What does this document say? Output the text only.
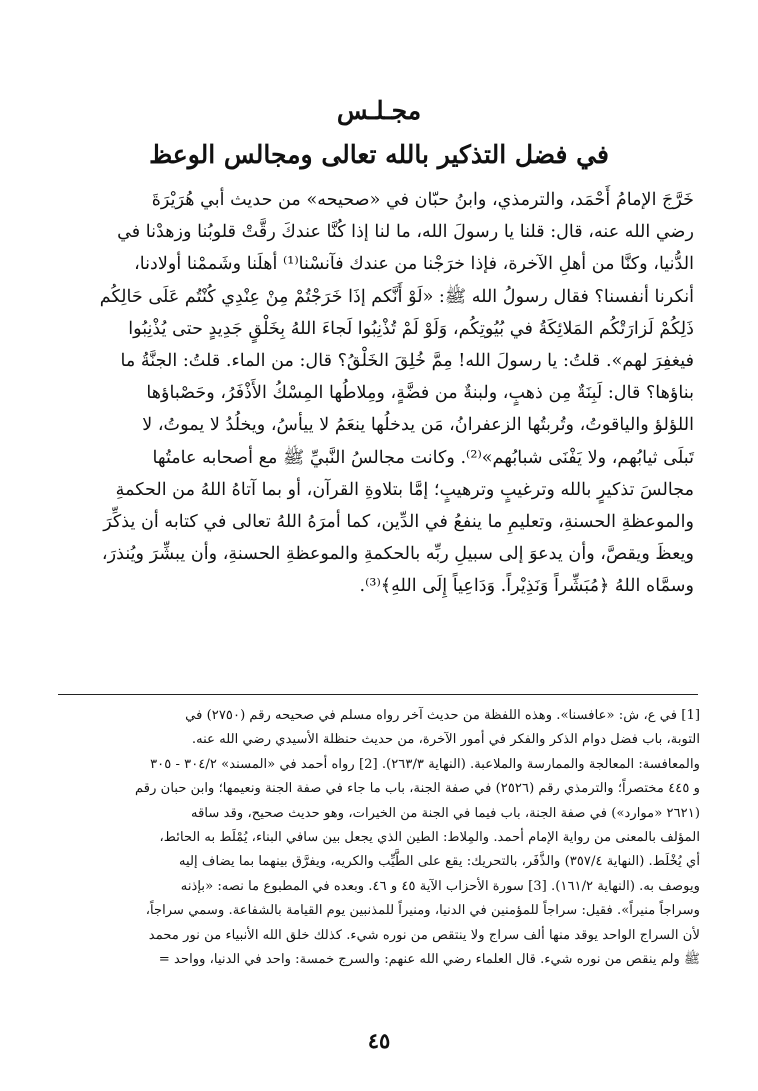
مجـلـس
في فضل التذكير بالله تعالى ومجالس الوعظ
خَرَّجَ الإمامُ أَحْمَد، والترمذي، وابنُ حبّان في «صحيحه» من حديث أبي هُرَيْرَةَ
رضي الله عنه، قال: قلنا يا رسولَ الله، ما لنا إذا كُنَّا عندكَ رقَّتْ قلوبُنا وزهدْنا في
الدُّنيا، وكنَّا من أهلِ الآخرة، فإذا خرَجْنا من عندك فآنسْنا⁽¹⁾ أهلَنا وشَممْنا أولادنا،
أنكرنا أنفسنا؟ فقال رسولُ الله ﷺ: «لَوْ أَنَّكم إذَا خَرَجْتُمْ مِنْ عِنْدِي كُنْتُم عَلَى حَالِكُم
ذَلِكُمْ لَزارَتْكُم المَلائِكَةُ في بُيُوتِكُم، وَلَوْ لَمْ تُذْنِبُوا لَجاءَ اللهُ بِخَلْقٍ جَدِيدٍ حتى يُذْنِبُوا
فيغفِرَ لهم». قلتُ: يا رسولَ الله! مِمَّ خُلِقَ الخَلْقُ؟ قال: من الماء. قلتُ: الجنَّةُ ما
بناؤها؟ قال: لَبِنَةٌ مِن ذهبٍ، ولبنةٌ من فضَّةٍ، ومِلاطُها المِسْكُ الأَذْفَرُ، وحَصْباؤها
اللؤلؤ والياقوتُ، وتُربتُها الزعفرانُ، مَن يدخلُها ينعَمُ لا ييأسُ، ويخلُدُ لا يموتُ، لا
تَبلَى ثيابُهم، ولا يَفْنَى شبابُهم»⁽²⁾. وكانت مجالسُ النَّبيِّ ﷺ مع أصحابه عامتُها
مجالسَ تذكيرٍ بالله وترغيبٍ وترهيبٍ؛ إمَّا بتلاوةِ القرآن، أو بما آتاهُ اللهُ من الحكمةِ
والموعظةِ الحسنةِ، وتعليمِ ما ينفعُ في الدِّين، كما أمرَهُ اللهُ تعالى في كتابه أن يذكِّرَ
ويعظَ ويقصَّ، وأن يدعوَ إلى سبيلِ ربِّه بالحكمةِ والموعظةِ الحسنةِ، وأن يبشِّرَ ويُنذرَ،
وسمَّاه اللهُ ﴿مُبَشِّراً وَنَذِيْراً. وَدَاعِياً إِلَى اللهِ﴾⁽³⁾.
[1] في ع، ش: «عافسنا». وهذه اللفظة من حديث آخر رواه مسلم في صحيحه رقم (٢٧٥٠) في
التوبة، باب فضل دوام الذكر والفكر في أمور الآخرة، من حديث حنظلة الأسيدي رضي الله عنه.
والمعافسة: المعالجة والممارسة والملاعبة. (النهاية ٢٦٣/٣). [2] رواه أحمد في «المسند» ٣٠٤/٢ - ٣٠٥
و ٤٤٥ مختصراً؛ والترمذي رقم (٢٥٢٦) في صفة الجنة، باب ما جاء في صفة الجنة ونعيمها؛ وابن حبان رقم
(٢٦٢١ «موارد») في صفة الجنة، باب فيما في الجنة من الخيرات، وهو حديث صحيح، وقد ساقه
المؤلف بالمعنى من رواية الإمام أحمد. والمِلاط: الطين الذي يجعل بين سافي البناء، يُمْلَط به الحائط،
أي يُخْلَط. (النهاية ٣٥٧/٤) والذَّفَر، بالتحريك: يقع على الطَّيِّب والكريه، ويفرَّق بينهما بما يضاف إليه
ويوصف به. (النهاية ١٦١/٢). [3] سورة الأحزاب الآية ٤٥ و ٤٦. وبعده في المطبوع ما نصه: «بإذنه
وسراجاً منيراً». فقيل: سراجاً للمؤمنين في الدنيا، ومنيراً للمذنبين يوم القيامة بالشفاعة. وسمي سراجاً،
لأن السراج الواحد يوقد منها ألف سراج ولا ينتقص من نوره شيء. كذلك خلق الله الأنبياء من نور محمد
ﷺ ولم ينقص من نوره شيء. قال العلماء رضي الله عنهم: والسرج خمسة: واحد في الدنيا، وواحد =
٤٥
